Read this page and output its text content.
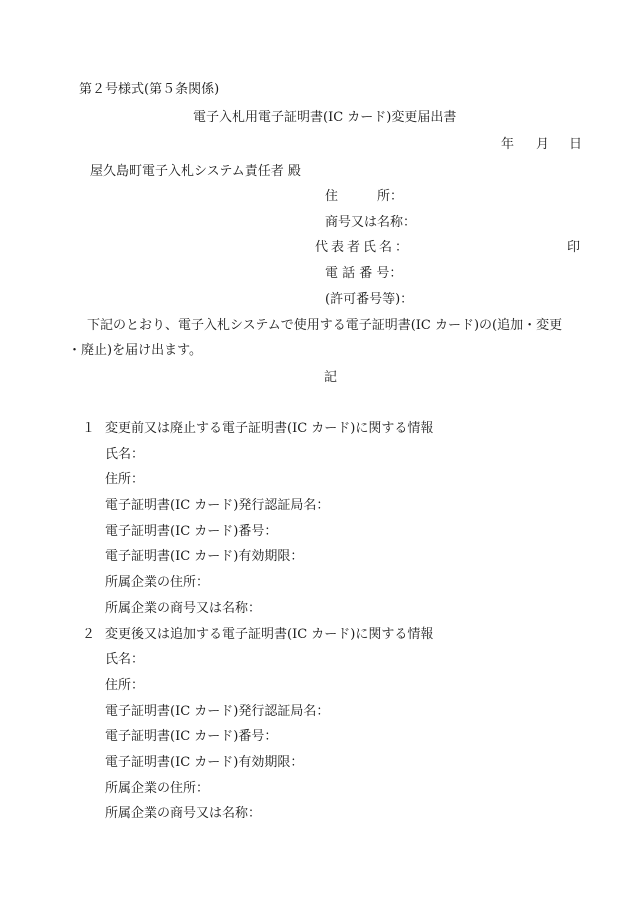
第２号様式(第５条関係)
電子入札用電子証明書(IC カード)変更届出書
年 月 日
屋久島町電子入札システム責任者 殿
住　　　所：
商号又は名称：
代表者氏名：	印
電 話 番 号：
(許可番号等)：
下記のとおり、電子入札システムで使用する電子証明書(IC カード)の(追加・変更
・廃止)を届け出ます。
記
１ 変更前又は廃止する電子証明書(IC カード)に関する情報
氏名：
住所：
電子証明書(IC カード)発行認証局名：
電子証明書(IC カード)番号：
電子証明書(IC カード)有効期限：
所属企業の住所：
所属企業の商号又は名称：
２ 変更後又は追加する電子証明書(IC カード)に関する情報
氏名：
住所：
電子証明書(IC カード)発行認証局名：
電子証明書(IC カード)番号：
電子証明書(IC カード)有効期限：
所属企業の住所：
所属企業の商号又は名称：
